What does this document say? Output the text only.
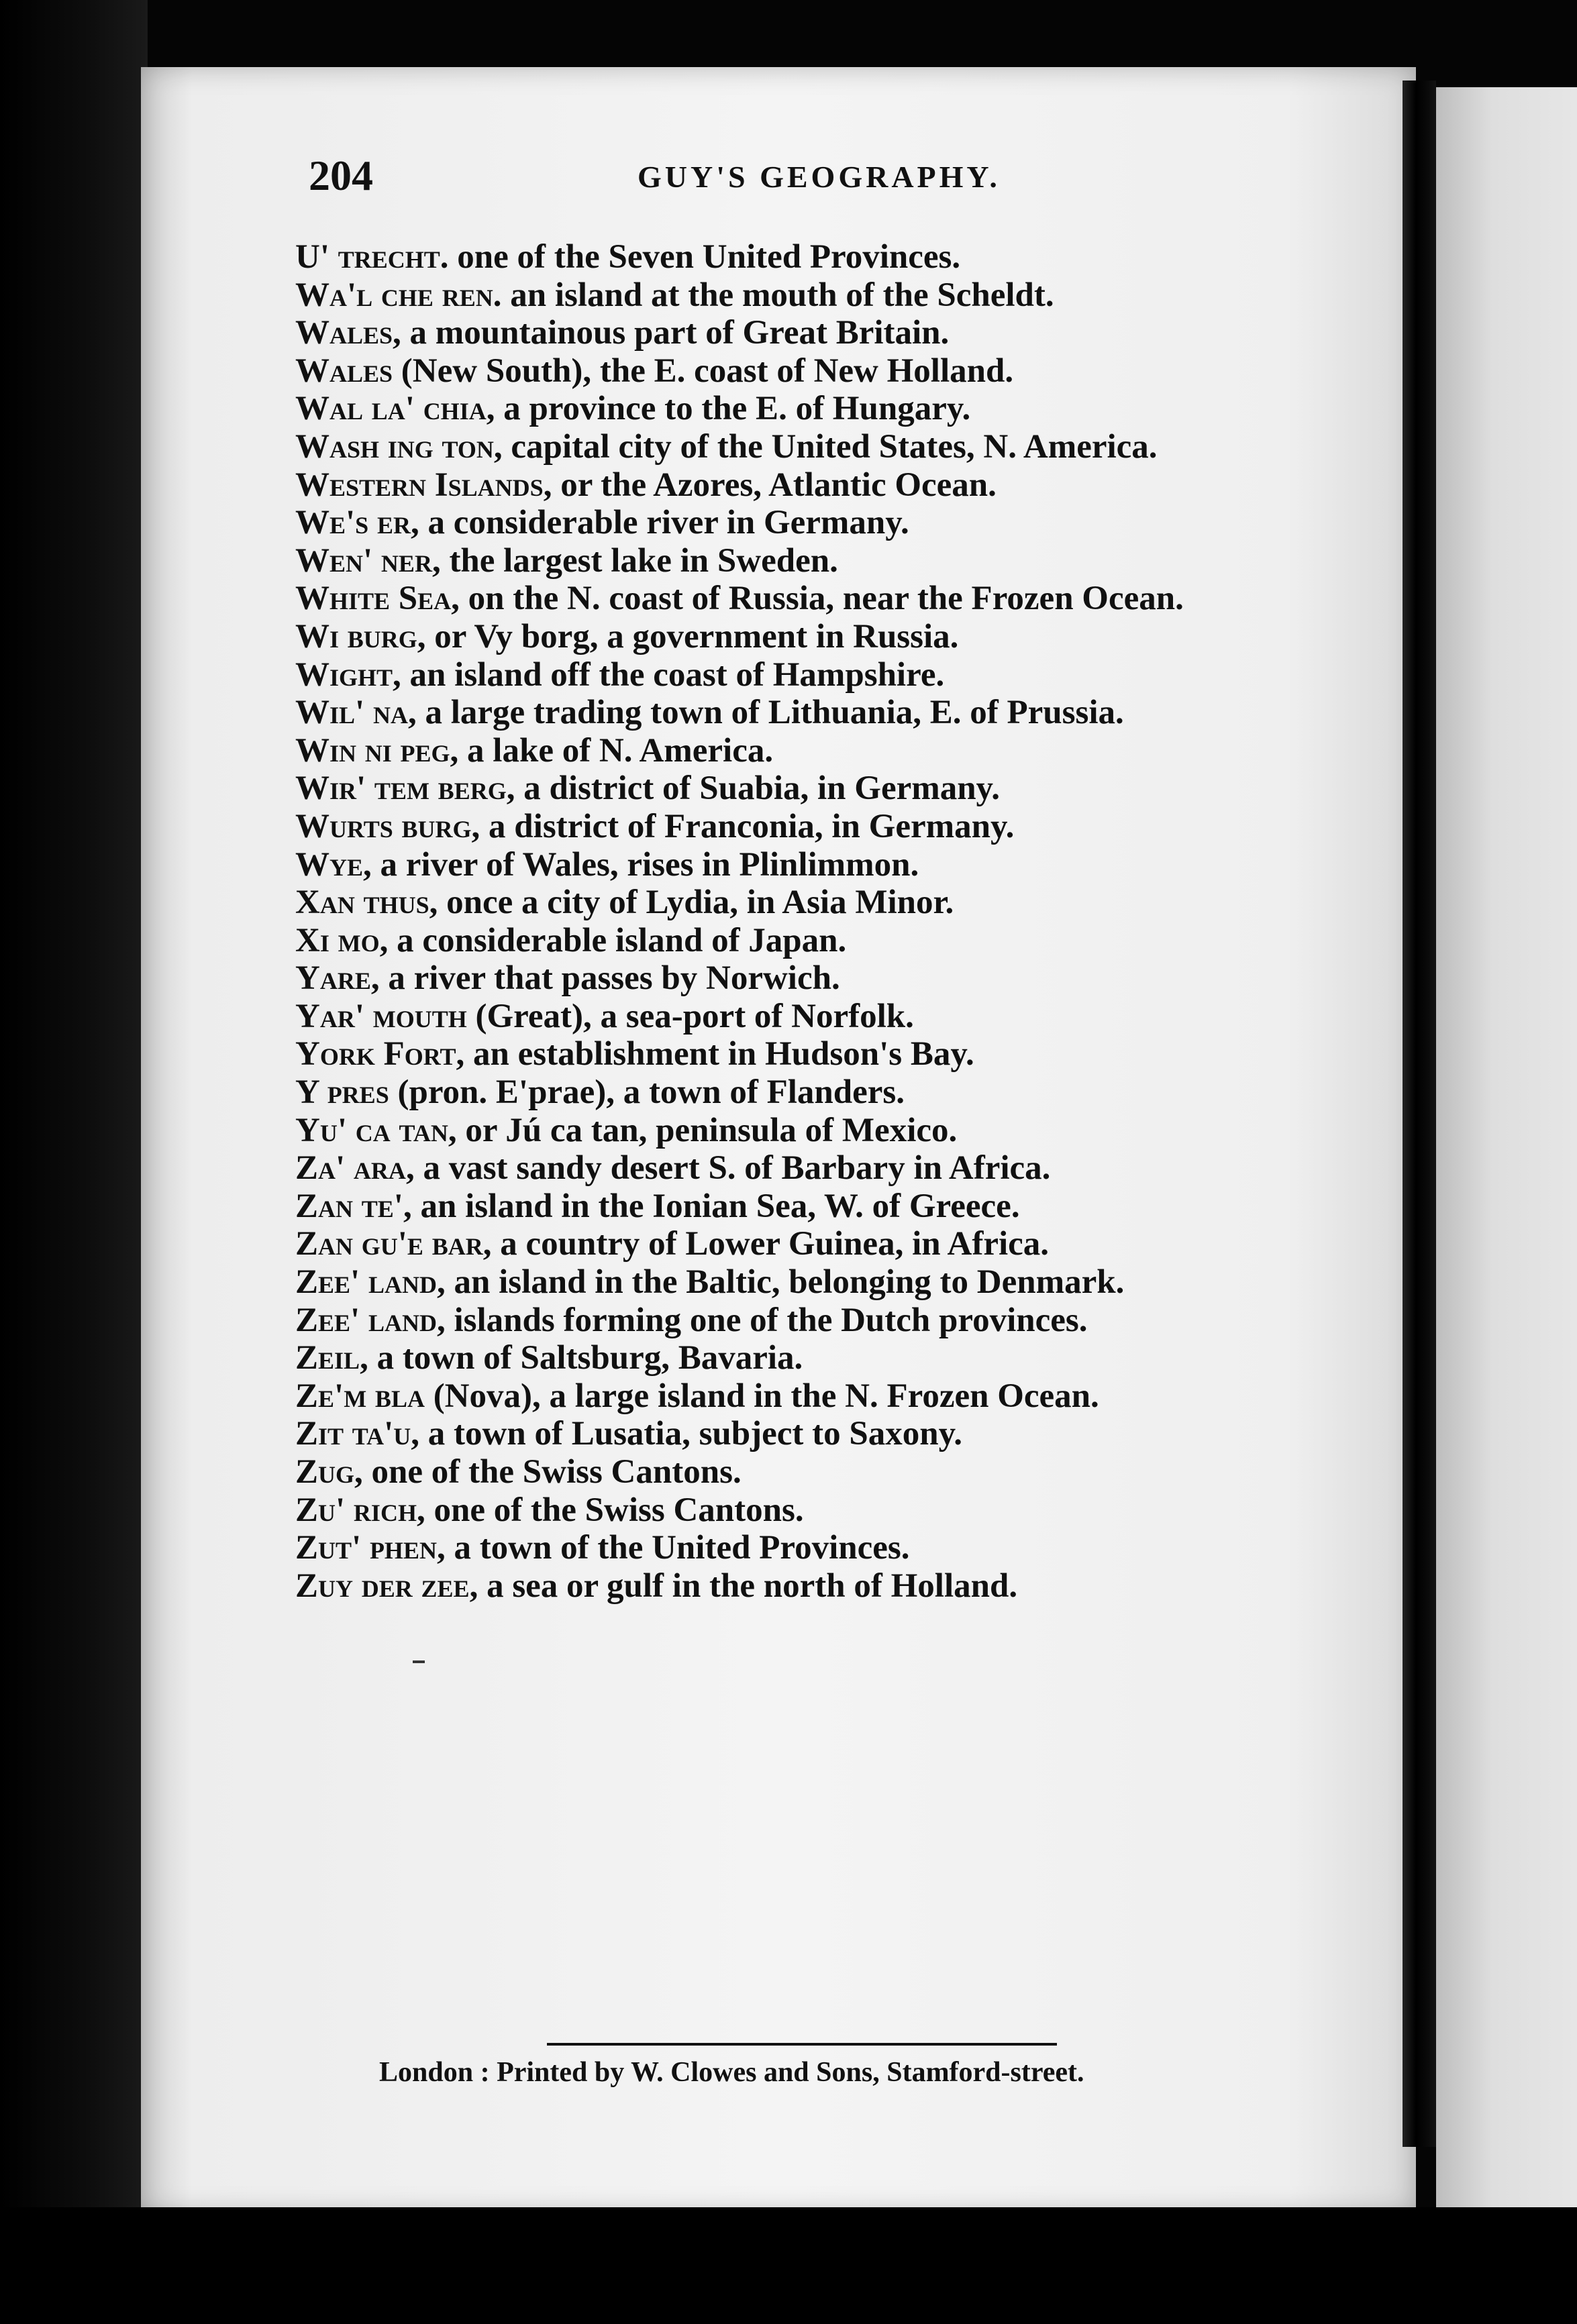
204	GUY'S GEOGRAPHY.
U' trecht. one of the Seven United Provinces.
Wa'l che ren. an island at the mouth of the Scheldt.
Wales, a mountainous part of Great Britain.
Wales (New South), the E. coast of New Holland.
Wal la' chia, a province to the E. of Hungary.
Wash ing ton, capital city of the United States, N. America.
Western Islands, or the Azores, Atlantic Ocean.
We's er, a considerable river in Germany.
Wen' ner, the largest lake in Sweden.
White Sea, on the N. coast of Russia, near the Frozen Ocean.
Wi burg, or Vy borg, a government in Russia.
Wight, an island off the coast of Hampshire.
Wil' na, a large trading town of Lithuania, E. of Prussia.
Win ni peg, a lake of N. America.
Wir' tem berg, a district of Suabia, in Germany.
Wurts burg, a district of Franconia, in Germany.
Wye, a river of Wales, rises in Plinlimmon.
Xan thus, once a city of Lydia, in Asia Minor.
Xi mo, a considerable island of Japan.
Yare, a river that passes by Norwich.
Yar' mouth (Great), a sea-port of Norfolk.
York Fort, an establishment in Hudson's Bay.
Y pres (pron. E'prae), a town of Flanders.
Yu' ca tan, or Jú ca tan, peninsula of Mexico.
Za' ara, a vast sandy desert S. of Barbary in Africa.
Zan te', an island in the Ionian Sea, W. of Greece.
Zan gu'e bar, a country of Lower Guinea, in Africa.
Zee' land, an island in the Baltic, belonging to Denmark.
Zee' land, islands forming one of the Dutch provinces.
Zeil, a town of Saltsburg, Bavaria.
Ze'm bla (Nova), a large island in the N. Frozen Ocean.
Zit ta'u, a town of Lusatia, subject to Saxony.
Zug, one of the Swiss Cantons.
Zu' rich, one of the Swiss Cantons.
Zut' phen, a town of the United Provinces.
Zuy der zee, a sea or gulf in the north of Holland.
London : Printed by W. Clowes and Sons, Stamford-street.
